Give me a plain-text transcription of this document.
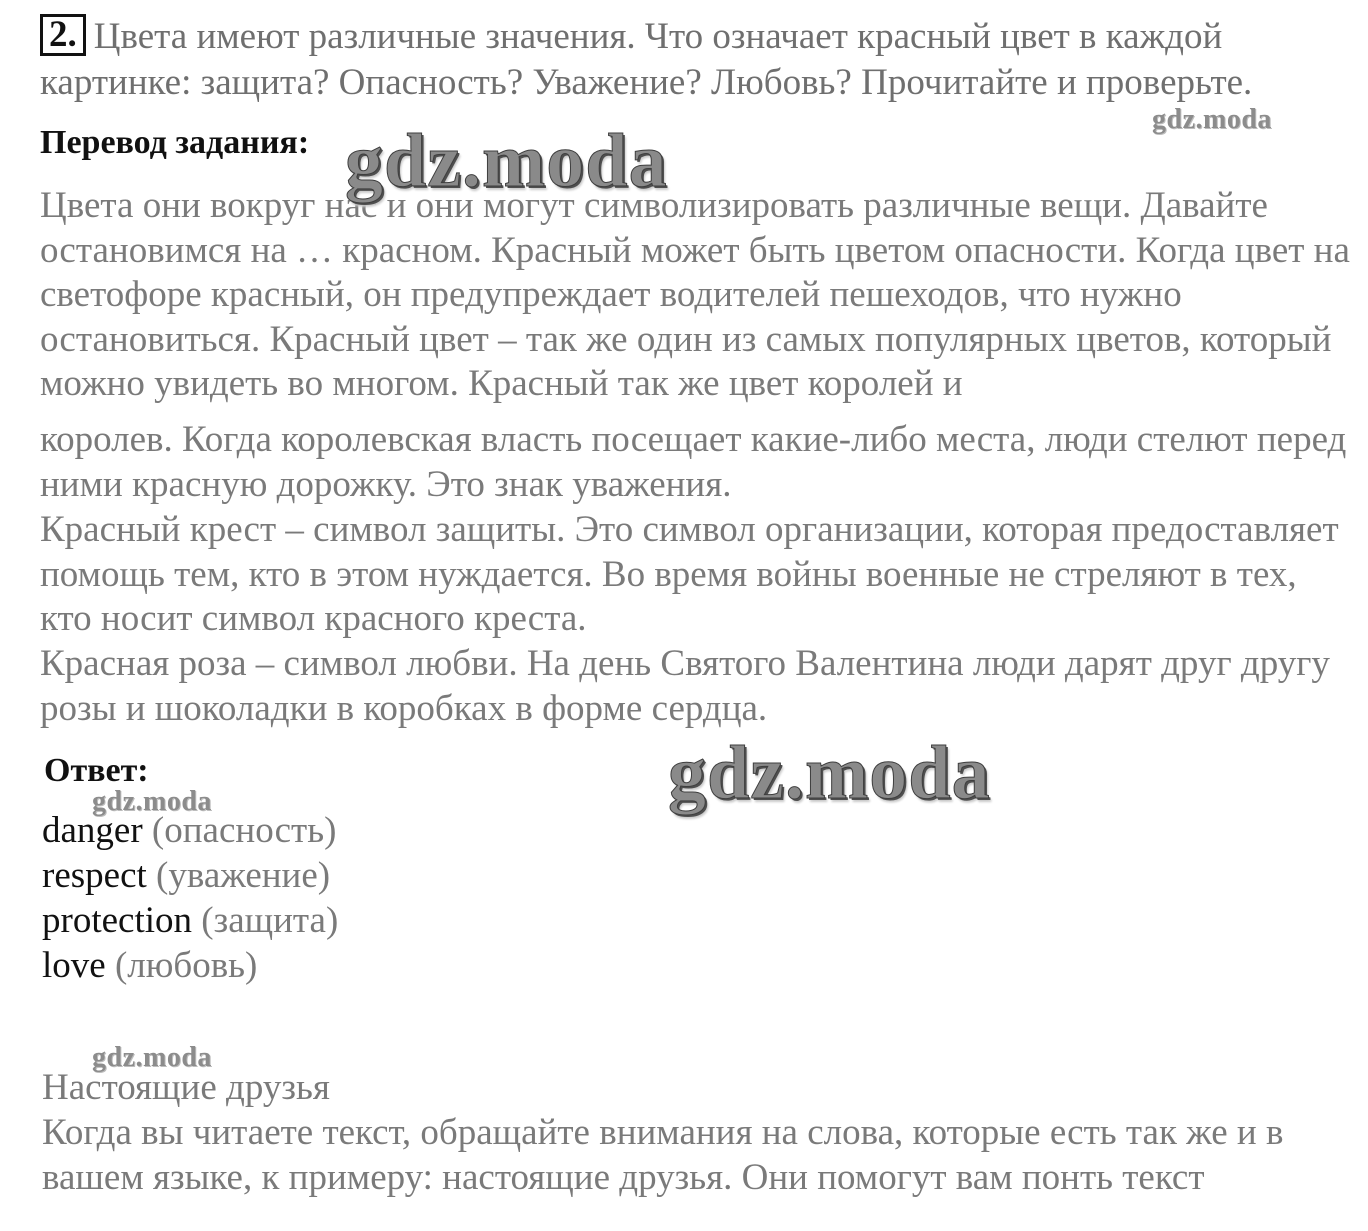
2. Цвета имеют различные значения. Что означает красный цвет в каждой картинке: защита? Опасность? Уважение? Любовь? Прочитайте и проверьте.
Перевод задания:
Цвета они вокруг нас и они могут символизировать различные вещи. Давайте остановимся на … красном. Красный может быть цветом опасности. Когда цвет на светофоре красный, он предупреждает водителей пешеходов, что нужно остановиться. Красный цвет – так же один из самых популярных цветов, который можно увидеть во многом. Красный так же цвет королей и
королев. Когда королевская власть посещает какие-либо места, люди стелют перед ними красную дорожку. Это знак уважения.
Красный крест – символ защиты. Это символ организации, которая предоставляет помощь тем, кто в этом нуждается. Во время войны военные не стреляют в тех, кто носит символ красного креста.
Красная роза – символ любви. На день Святого Валентина люди дарят друг другу розы и шоколадки в коробках в форме сердца.
Ответ:
danger (опасность)
respect (уважение)
protection (защита)
love (любовь)
Настоящие друзья
Когда вы читаете текст, обращайте внимания на слова, которые есть так же и в вашем языке, к примеру: настоящие друзья. Они помогут вам понть текст
gdz.moda
gdz.moda
gdz.moda
gdz.moda
gdz.moda
